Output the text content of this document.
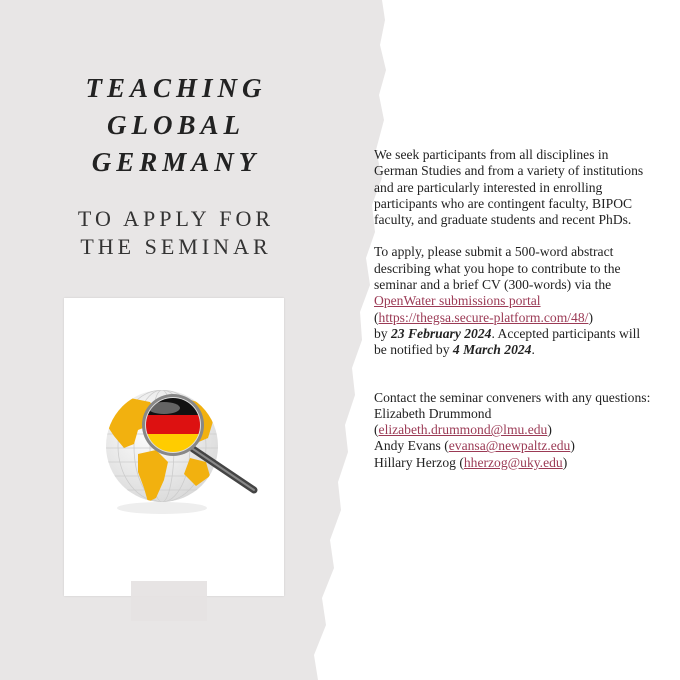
TEACHING
GLOBAL
GERMANY
TO APPLY FOR
THE SEMINAR

We seek participants from all disciplines in German Studies and from a variety of institutions and are particularly interested in enrolling participants who are contingent faculty, BIPOC faculty, and graduate students and recent PhDs.

To apply, please submit a 500-word abstract describing what you hope to contribute to the seminar and a brief CV (300-words) via the OpenWater submissions portal
(https://thegsa.secure-platform.com/48/)
by 23 February 2024. Accepted participants will be notified by 4 March 2024.

Contact the seminar conveners with any questions:
Elizabeth Drummond
(elizabeth.drummond@lmu.edu)
Andy Evans (evansa@newpaltz.edu)
Hillary Herzog (hherzog@uky.edu)
